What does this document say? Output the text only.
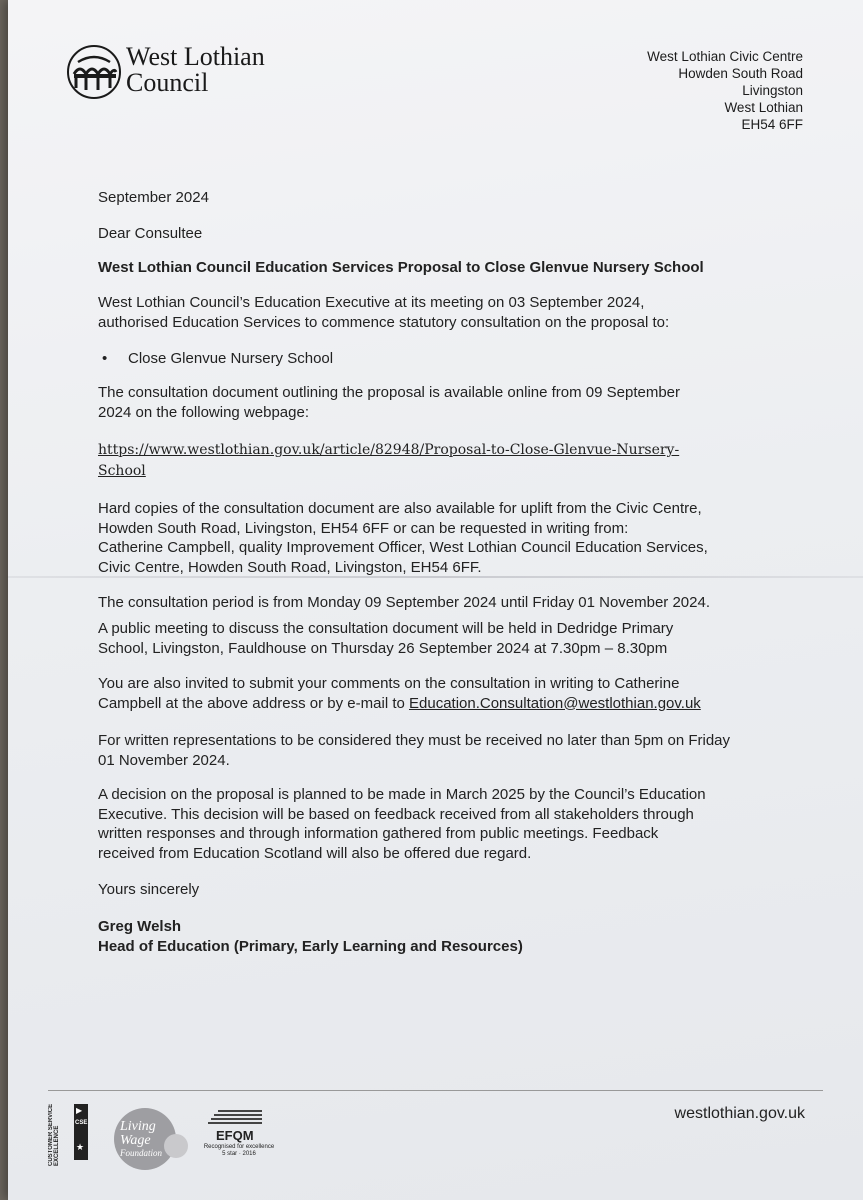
West Lothian
Council
West Lothian Civic Centre
Howden South Road
Livingston
West Lothian
EH54 6FF
September 2024
Dear Consultee
West Lothian Council Education Services Proposal to Close Glenvue Nursery School
West Lothian Council’s Education Executive at its meeting on 03 September 2024,
authorised Education Services to commence statutory consultation on the proposal to:
• Close Glenvue Nursery School
The consultation document outlining the proposal is available online from 09 September
2024 on the following webpage:
https://www.westlothian.gov.uk/article/82948/Proposal-to-Close-Glenvue-Nursery-
School
Hard copies of the consultation document are also available for uplift from the Civic Centre,
Howden South Road, Livingston, EH54 6FF or can be requested in writing from:
Catherine Campbell, quality Improvement Officer, West Lothian Council Education Services,
Civic Centre, Howden South Road, Livingston, EH54 6FF.
The consultation period is from Monday 09 September 2024 until Friday 01 November 2024.
A public meeting to discuss the consultation document will be held in Dedridge Primary
School, Livingston, Fauldhouse on Thursday 26 September 2024 at 7.30pm – 8.30pm
You are also invited to submit your comments on the consultation in writing to Catherine
Campbell at the above address or by e-mail to Education.Consultation@westlothian.gov.uk
For written representations to be considered they must be received no later than 5pm on Friday
01 November 2024.
A decision on the proposal is planned to be made in March 2025 by the Council’s Education
Executive. This decision will be based on feedback received from all stakeholders through
written responses and through information gathered from public meetings. Feedback
received from Education Scotland will also be offered due regard.
Yours sincerely
Greg Welsh
Head of Education (Primary, Early Learning and Resources)
CUSTOMER SERVICE EXCELLENCE
CSE
▶
★
Living
Wage
Foundation
EFQM
Recognised for excellence
5 star · 2016
westlothian.gov.uk
